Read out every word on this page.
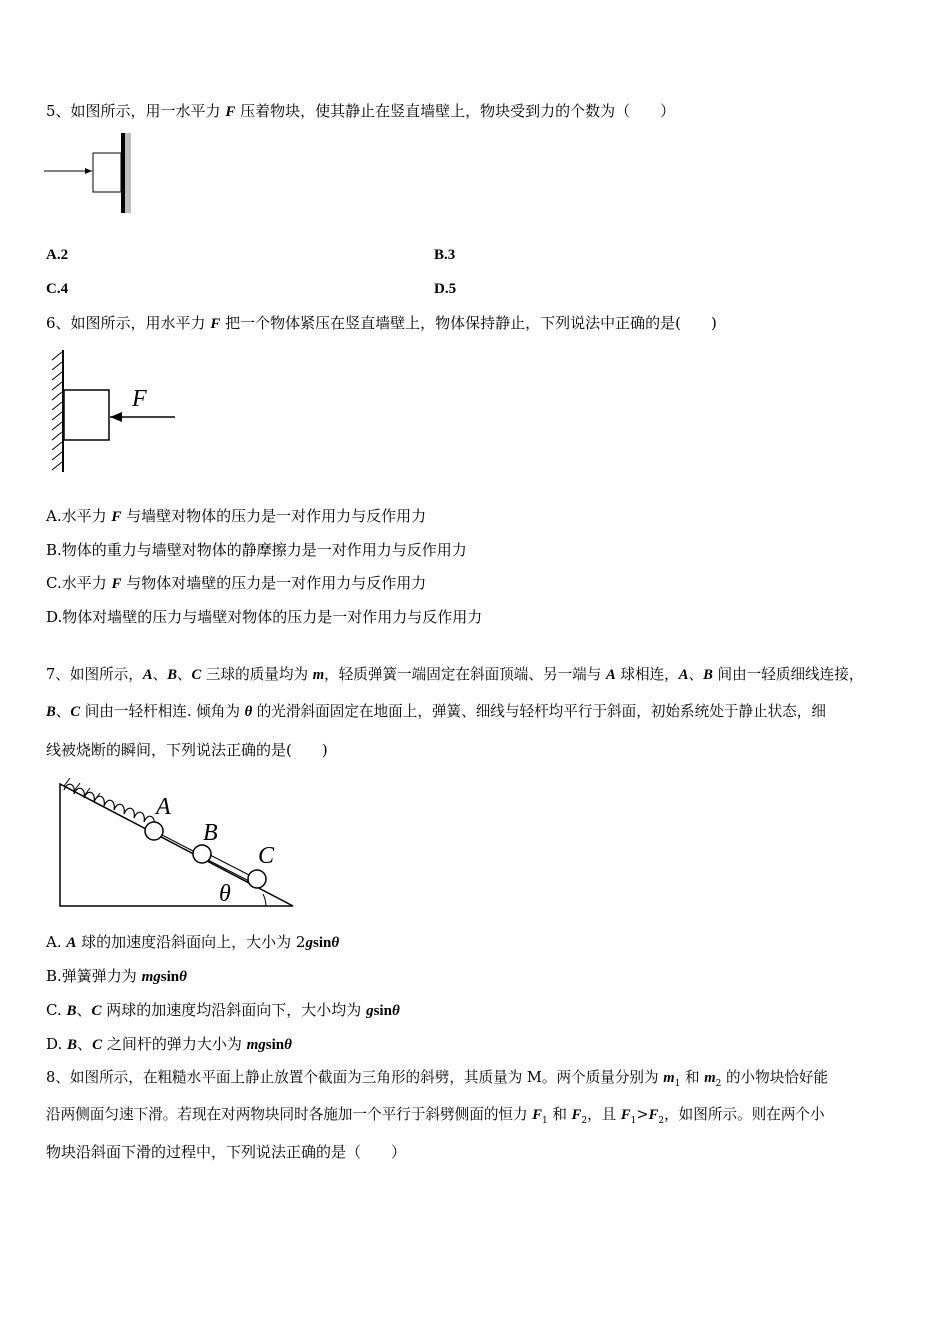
5、如图所示，用一水平力 F 压着物块，使其静止在竖直墙壁上，物块受到力的个数为（　　）
A.2	B.3
C.4	D.5
6、如图所示，用水平力 F 把一个物体紧压在竖直墙壁上，物体保持静止，下列说法中正确的是(　　)
F
A.水平力 F 与墙壁对物体的压力是一对作用力与反作用力
B.物体的重力与墙壁对物体的静摩擦力是一对作用力与反作用力
C.水平力 F 与物体对墙壁的压力是一对作用力与反作用力
D.物体对墙壁的压力与墙壁对物体的压力是一对作用力与反作用力
7、如图所示，A、B、C 三球的质量均为 m，轻质弹簧一端固定在斜面顶端、另一端与 A 球相连，A、B 间由一轻质细线连接，
B、C 间由一轻杆相连. 倾角为 θ 的光滑斜面固定在地面上，弹簧、细线与轻杆均平行于斜面，初始系统处于静止状态，细
线被烧断的瞬间，下列说法正确的是(　　)
A
B
C
θ
A. A 球的加速度沿斜面向上，大小为 2gsinθ
B.弹簧弹力为 mgsinθ
C. B、C 两球的加速度均沿斜面向下，大小均为 gsinθ
D. B、C 之间杆的弹力大小为 mgsinθ
8、如图所示，在粗糙水平面上静止放置个截面为三角形的斜劈，其质量为 M。两个质量分别为 $m_1$ 和 $m_2$ 的小物块恰好能
沿两侧面匀速下滑。若现在对两物块同时各施加一个平行于斜劈侧面的恒力 $F_1$ 和 $F_2$，且 $F_1>F_2$，如图所示。则在两个小
物块沿斜面下滑的过程中，下列说法正确的是（　　）
